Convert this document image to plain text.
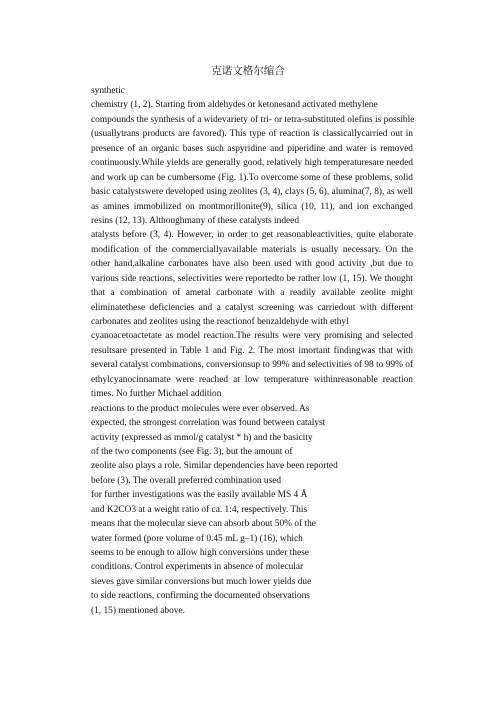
克诺文格尔缩合
synthetic
chemistry (1, 2). Starting from aldehydes or ketonesand activated methylene
compounds the synthesis of a widevariety of tri- or tetra-substituted olefins is possible
(usuallytrans products are favored). This type of reaction is classicallycarried out in
presence of an organic bases such aspyridine and piperidine and water is removed
continuously.While yields are generally good, relatively high temperaturesare needed
and work up can be cumbersome (Fig. 1).To overcome some of these problems, solid
basic catalystswere developed using zeolites (3, 4), clays (5, 6), alumina(7, 8), as well
as amines immobilized on montmorillonite(9), silica (10, 11), and ion exchanged
resins (12, 13). Althoughmany of these catalysts indeed
atalysts before (3, 4). However, in order to get reasonableactivities, quite elaborate
modification of the commerciallyavailable materials is usually necessary. On the
other hand,alkaline carbonates have also been used with good activity ,but due to
various side reactions, selectivities were reportedto be rather low (1, 15). We thought
that a combination of ametal carbonate with a readily available zeolite might
eliminatethese deficiencies and a catalyst screening was carriedout with different
carbonates and zeolites using the reactionof benzaldehyde with ethyl
cyanoacetoactetate as model reaction.The results were very promising and selected
resultsare presented in Table 1 and Fig. 2. The most imortant findingwas that with
several catalyst combinations, conversionsup to 99% and selectivities of 98 to 99% of
ethylcyanocinnamate were reached at low temperature withinreasonable reaction
times. No further Michael addition
reactions to the product molecules were ever observed. As
expected, the strongest correlation was found between catalyst
activity (expressed as mmol/g catalyst * h) and the basicity
of the two components (see Fig. 3), but the amount of
zeolite also plays a role. Similar dependencies have been reported
before (3). The overall preferred combination used
for further investigations was the easily available MS 4 Å
and K2CO3 at a weight ratio of ca. 1:4, respectively. This
means that the molecular sieve can absorb about 50% of the
water formed (pore volume of 0.45 mL g–1) (16), which
seems to be enough to allow high conversions under these
conditions. Control experiments in absence of molecular
sieves gave similar conversions but much lower yields due
to side reactions, confirming the documented observations
(1, 15) mentioned above.
